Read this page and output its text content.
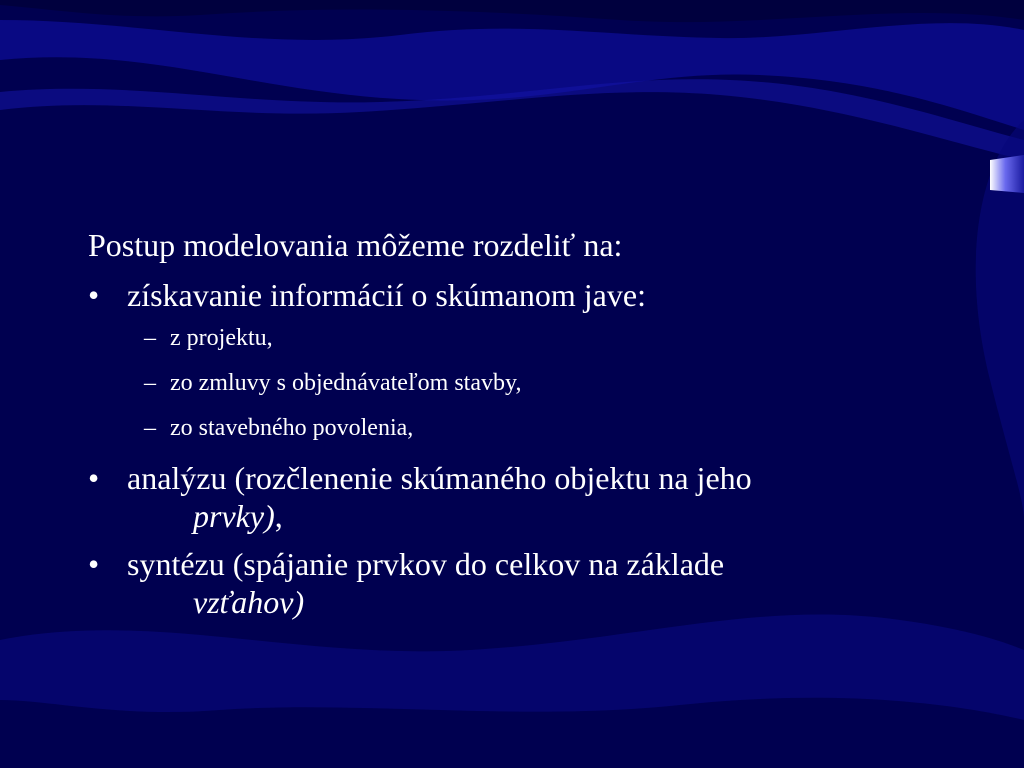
Postup modelovania môžeme rozdeliť na:
• získavanie informácií o skúmanom jave:
– z projektu,
– zo zmluvy s objednávateľom stavby,
– zo stavebného povolenia,
• analýzu (rozčlenenie skúmaného objektu na jeho
prvky),
• syntézu (spájanie prvkov do celkov na základe
vzťahov)
